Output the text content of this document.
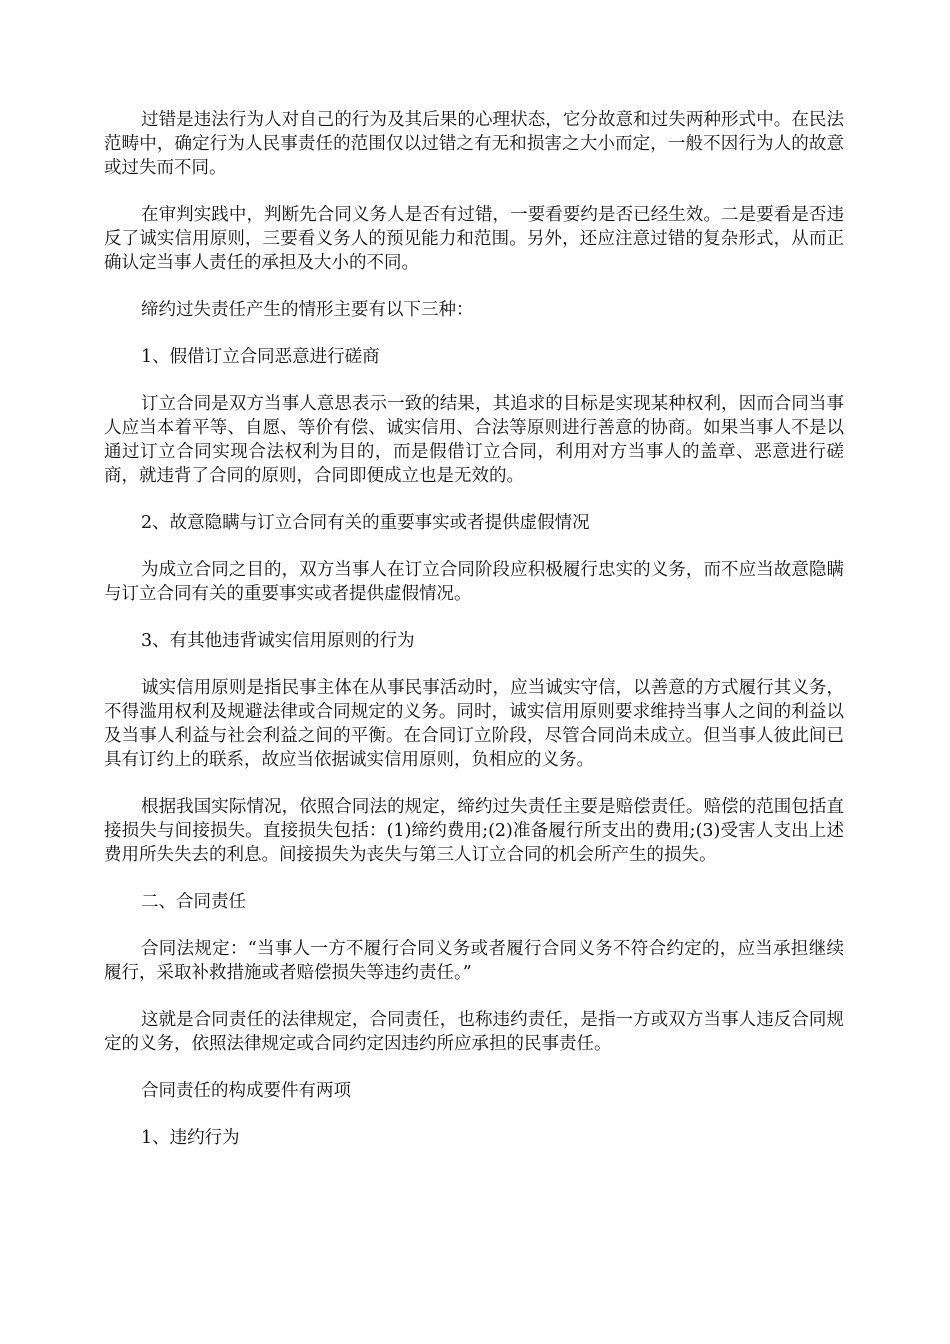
过错是违法行为人对自己的行为及其后果的心理状态，它分故意和过失两种形式中。在民法范畴中，确定行为人民事责任的范围仅以过错之有无和损害之大小而定，一般不因行为人的故意或过失而不同。

在审判实践中，判断先合同义务人是否有过错，一要看要约是否已经生效。二是要看是否违反了诚实信用原则，三要看义务人的预见能力和范围。另外，还应注意过错的复杂形式，从而正确认定当事人责任的承担及大小的不同。

缔约过失责任产生的情形主要有以下三种：

1、假借订立合同恶意进行磋商

订立合同是双方当事人意思表示一致的结果，其追求的目标是实现某种权利，因而合同当事人应当本着平等、自愿、等价有偿、诚实信用、合法等原则进行善意的协商。如果当事人不是以通过订立合同实现合法权利为目的，而是假借订立合同，利用对方当事人的盖章、恶意进行磋商，就违背了合同的原则，合同即便成立也是无效的。

2、故意隐瞒与订立合同有关的重要事实或者提供虚假情况

为成立合同之目的，双方当事人在订立合同阶段应积极履行忠实的义务，而不应当故意隐瞒与订立合同有关的重要事实或者提供虚假情况。

3、有其他违背诚实信用原则的行为

诚实信用原则是指民事主体在从事民事活动时，应当诚实守信，以善意的方式履行其义务，不得滥用权利及规避法律或合同规定的义务。同时，诚实信用原则要求维持当事人之间的利益以及当事人利益与社会利益之间的平衡。在合同订立阶段，尽管合同尚未成立。但当事人彼此间已具有订约上的联系，故应当依据诚实信用原则，负相应的义务。

根据我国实际情况，依照合同法的规定，缔约过失责任主要是赔偿责任。赔偿的范围包括直接损失与间接损失。直接损失包括：(1)缔约费用;(2)准备履行所支出的费用;(3)受害人支出上述费用所失失去的利息。间接损失为丧失与第三人订立合同的机会所产生的损失。

二、合同责任

合同法规定：“当事人一方不履行合同义务或者履行合同义务不符合约定的，应当承担继续履行，采取补救措施或者赔偿损失等违约责任。”

这就是合同责任的法律规定，合同责任，也称违约责任，是指一方或双方当事人违反合同规定的义务，依照法律规定或合同约定因违约所应承担的民事责任。

合同责任的构成要件有两项

1、违约行为
